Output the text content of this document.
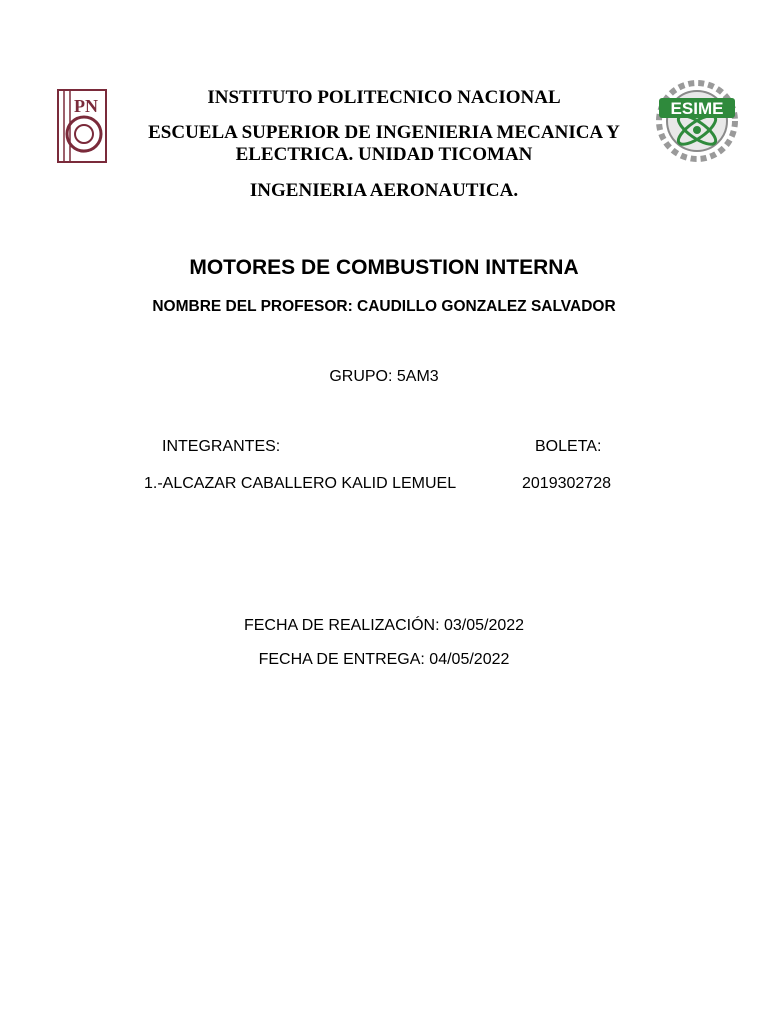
PN	ESIME
INSTITUTO POLITECNICO NACIONAL
ESCUELA SUPERIOR DE INGENIERIA MECANICA Y ELECTRICA. UNIDAD TICOMAN
INGENIERIA AERONAUTICA.
MOTORES DE COMBUSTION INTERNA
NOMBRE DEL PROFESOR: CAUDILLO GONZALEZ SALVADOR
GRUPO: 5AM3
INTEGRANTES:	BOLETA:
1.-ALCAZAR CABALLERO KALID LEMUEL	2019302728
FECHA DE REALIZACIÓN: 03/05/2022
FECHA DE ENTREGA: 04/05/2022
